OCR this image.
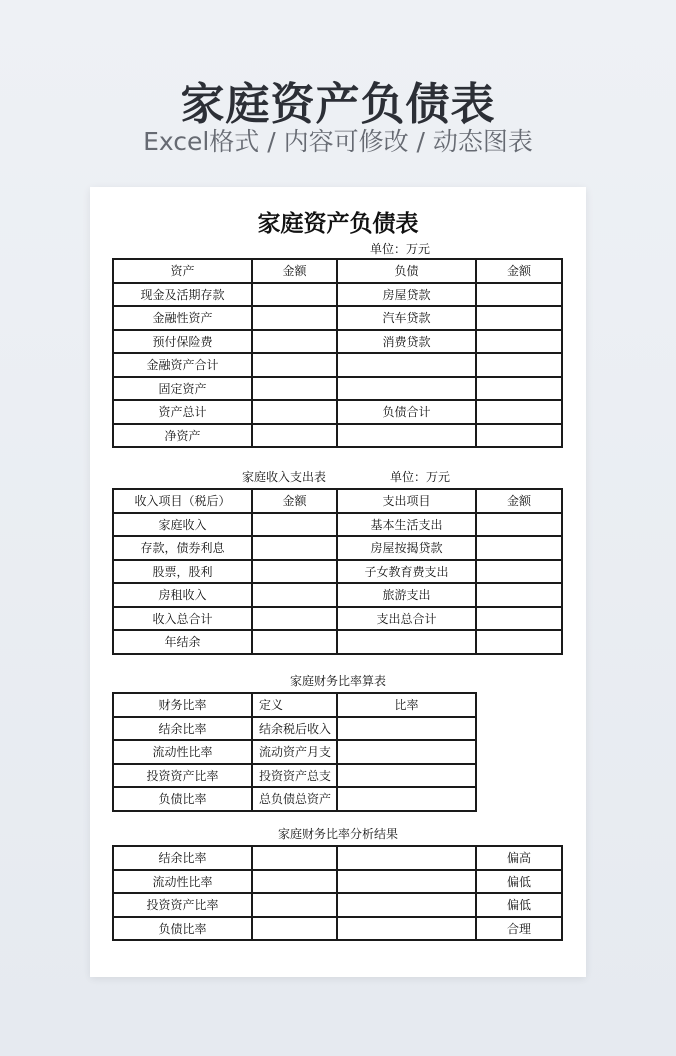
家庭资产负债表

Excel格式 / 内容可修改 / 动态图表

家庭资产负债表
单位：万元
资产	金额	负债	金额
现金及活期存款		房屋贷款	
金融性资产		汽车贷款	
预付保险费		消费贷款	
金融资产合计			
固定资产			
资产总计		负债合计	
净资产			
家庭收入支出表	单位：万元
收入项目（税后）	金额	支出项目	金额
家庭收入		基本生活支出	
存款，债券利息		房屋按揭贷款	
股票，股利		子女教育费支出	
房租收入		旅游支出	
收入总合计		支出总合计	
年结余			
家庭财务比率算表
财务比率	定义	比率	
结余比率	结余税后收入		
流动性比率	流动资产月支		
投资资产比率	投资资产总支		
负债比率	总负债总资产		
家庭财务比率分析结果
结余比率			偏高
流动性比率			偏低
投资资产比率			偏低
负债比率			合理
